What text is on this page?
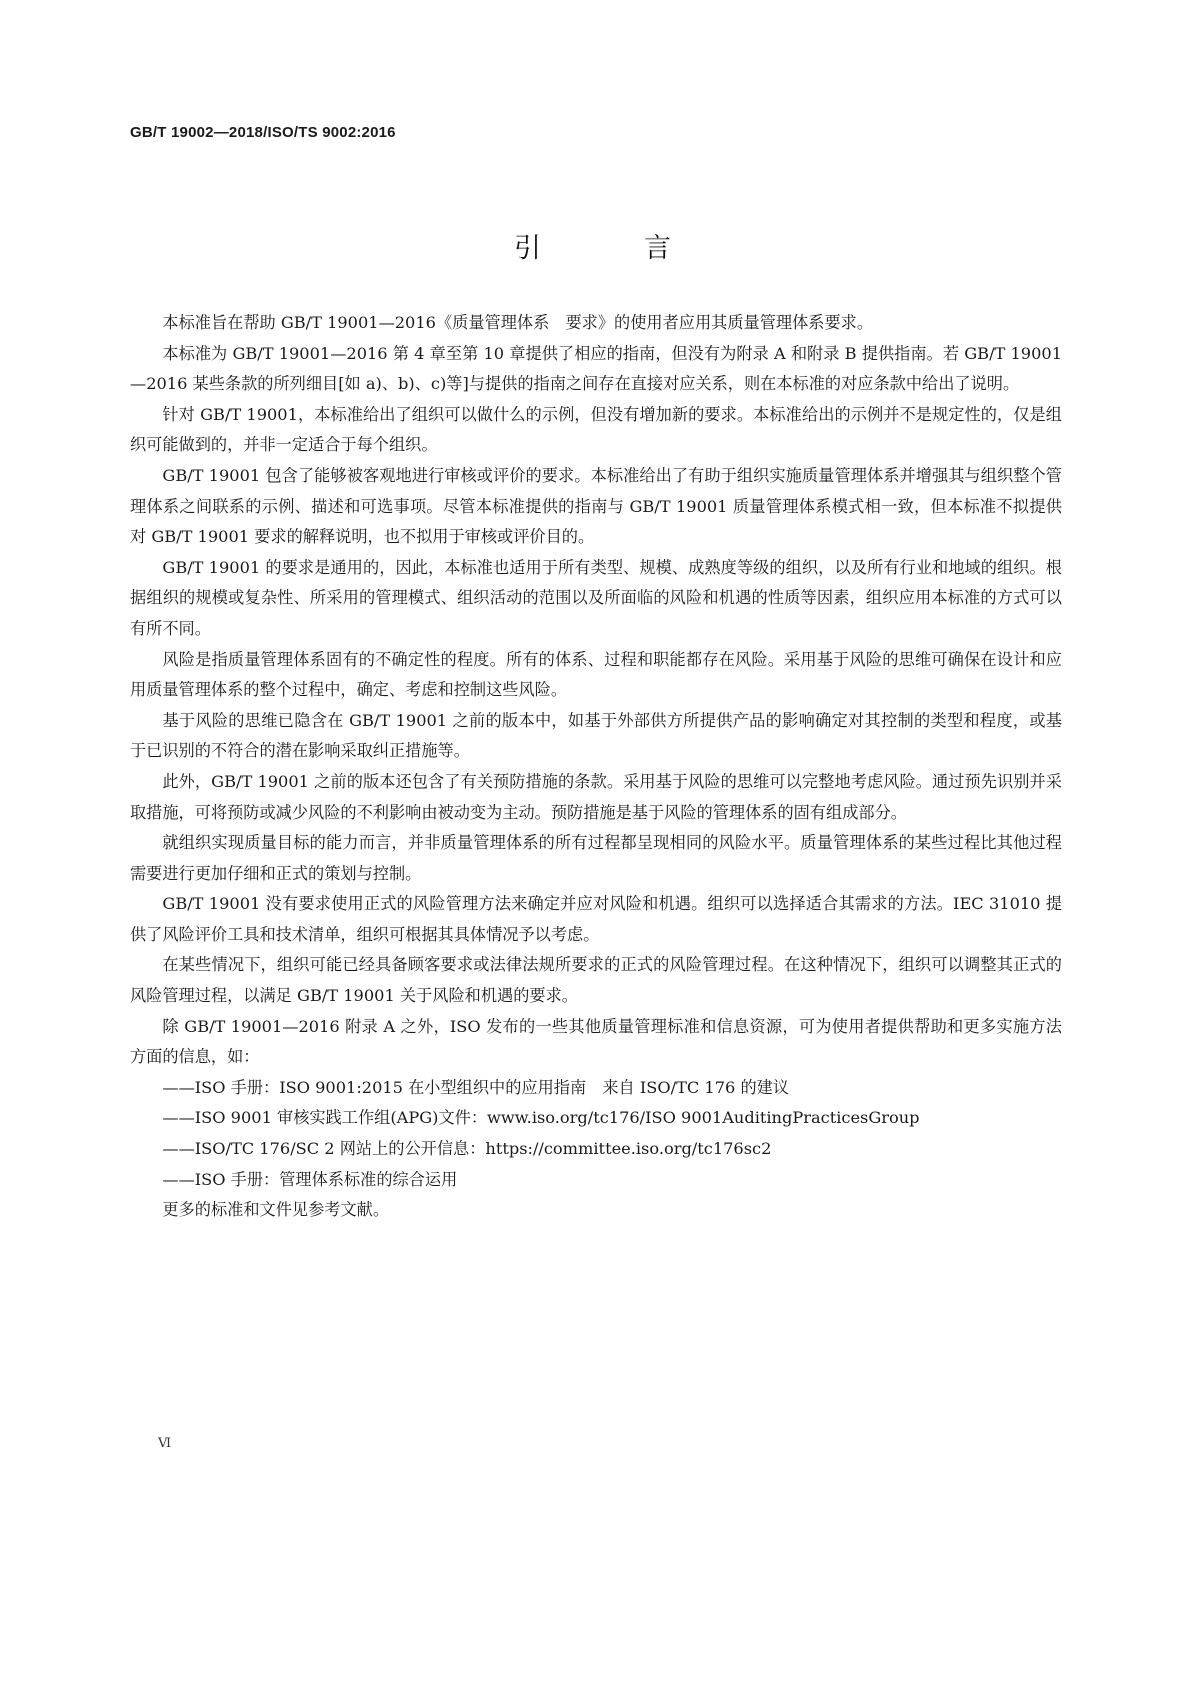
GB/T 19002—2018/ISO/TS 9002:2016
引　言

本标准旨在帮助 GB/T 19001—2016《质量管理体系　要求》的使用者应用其质量管理体系要求。

本标准为 GB/T 19001—2016 第 4 章至第 10 章提供了相应的指南，但没有为附录 A 和附录 B 提供指南。若 GB/T 19001—2016 某些条款的所列细目[如 a)、b)、c)等]与提供的指南之间存在直接对应关系，则在本标准的对应条款中给出了说明。

针对 GB/T 19001，本标准给出了组织可以做什么的示例，但没有增加新的要求。本标准给出的示例并不是规定性的，仅是组织可能做到的，并非一定适合于每个组织。

GB/T 19001 包含了能够被客观地进行审核或评价的要求。本标准给出了有助于组织实施质量管理体系并增强其与组织整个管理体系之间联系的示例、描述和可选事项。尽管本标准提供的指南与 GB/T 19001 质量管理体系模式相一致，但本标准不拟提供对 GB/T 19001 要求的解释说明，也不拟用于审核或评价目的。

GB/T 19001 的要求是通用的，因此，本标准也适用于所有类型、规模、成熟度等级的组织，以及所有行业和地域的组织。根据组织的规模或复杂性、所采用的管理模式、组织活动的范围以及所面临的风险和机遇的性质等因素，组织应用本标准的方式可以有所不同。

风险是指质量管理体系固有的不确定性的程度。所有的体系、过程和职能都存在风险。采用基于风险的思维可确保在设计和应用质量管理体系的整个过程中，确定、考虑和控制这些风险。

基于风险的思维已隐含在 GB/T 19001 之前的版本中，如基于外部供方所提供产品的影响确定对其控制的类型和程度，或基于已识别的不符合的潜在影响采取纠正措施等。

此外，GB/T 19001 之前的版本还包含了有关预防措施的条款。采用基于风险的思维可以完整地考虑风险。通过预先识别并采取措施，可将预防或减少风险的不利影响由被动变为主动。预防措施是基于风险的管理体系的固有组成部分。

就组织实现质量目标的能力而言，并非质量管理体系的所有过程都呈现相同的风险水平。质量管理体系的某些过程比其他过程需要进行更加仔细和正式的策划与控制。

GB/T 19001 没有要求使用正式的风险管理方法来确定并应对风险和机遇。组织可以选择适合其需求的方法。IEC 31010 提供了风险评价工具和技术清单，组织可根据其具体情况予以考虑。

在某些情况下，组织可能已经具备顾客要求或法律法规所要求的正式的风险管理过程。在这种情况下，组织可以调整其正式的风险管理过程，以满足 GB/T 19001 关于风险和机遇的要求。

除 GB/T 19001—2016 附录 A 之外，ISO 发布的一些其他质量管理标准和信息资源，可为使用者提供帮助和更多实施方法方面的信息，如：

——ISO 手册：ISO 9001:2015 在小型组织中的应用指南　来自 ISO/TC 176 的建议

——ISO 9001 审核实践工作组(APG)文件：www.iso.org/tc176/ISO 9001AuditingPracticesGroup

——ISO/TC 176/SC 2 网站上的公开信息：https://committee.iso.org/tc176sc2

——ISO 手册：管理体系标准的综合运用

更多的标准和文件见参考文献。

Ⅵ
